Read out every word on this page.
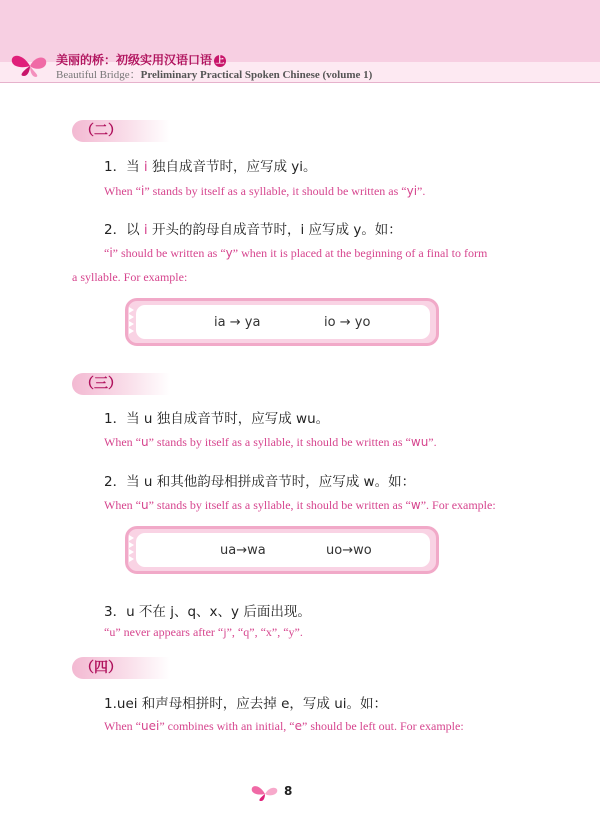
美丽的桥：初级实用汉语口语 上
Beautiful Bridge：Preliminary Practical Spoken Chinese (volume 1)
（二）
1．当 i 独自成音节时，应写成 yi。
When “i” stands by itself as a syllable, it should be written as “yi”.
2．以 i 开头的韵母自成音节时，i 应写成 y。如：
“i” should be written as “y” when it is placed at the beginning of a final to form
a syllable. For example:
ia → ya	io → yo
（三）
1．当 u 独自成音节时，应写成 wu。
When “u” stands by itself as a syllable, it should be written as “wu”.
2．当 u 和其他韵母相拼成音节时，应写成 w。如：
When “u” stands by itself as a syllable, it should be written as “w”. For example:
ua→wa	uo→wo
3．u 不在 j、q、x、y 后面出现。
“u” never appears after “j”, “q”, “x”, “y”.
（四）
1.uei 和声母相拼时，应去掉 e，写成 ui。如：
When “uei” combines with an initial, “e” should be left out. For example:
8
